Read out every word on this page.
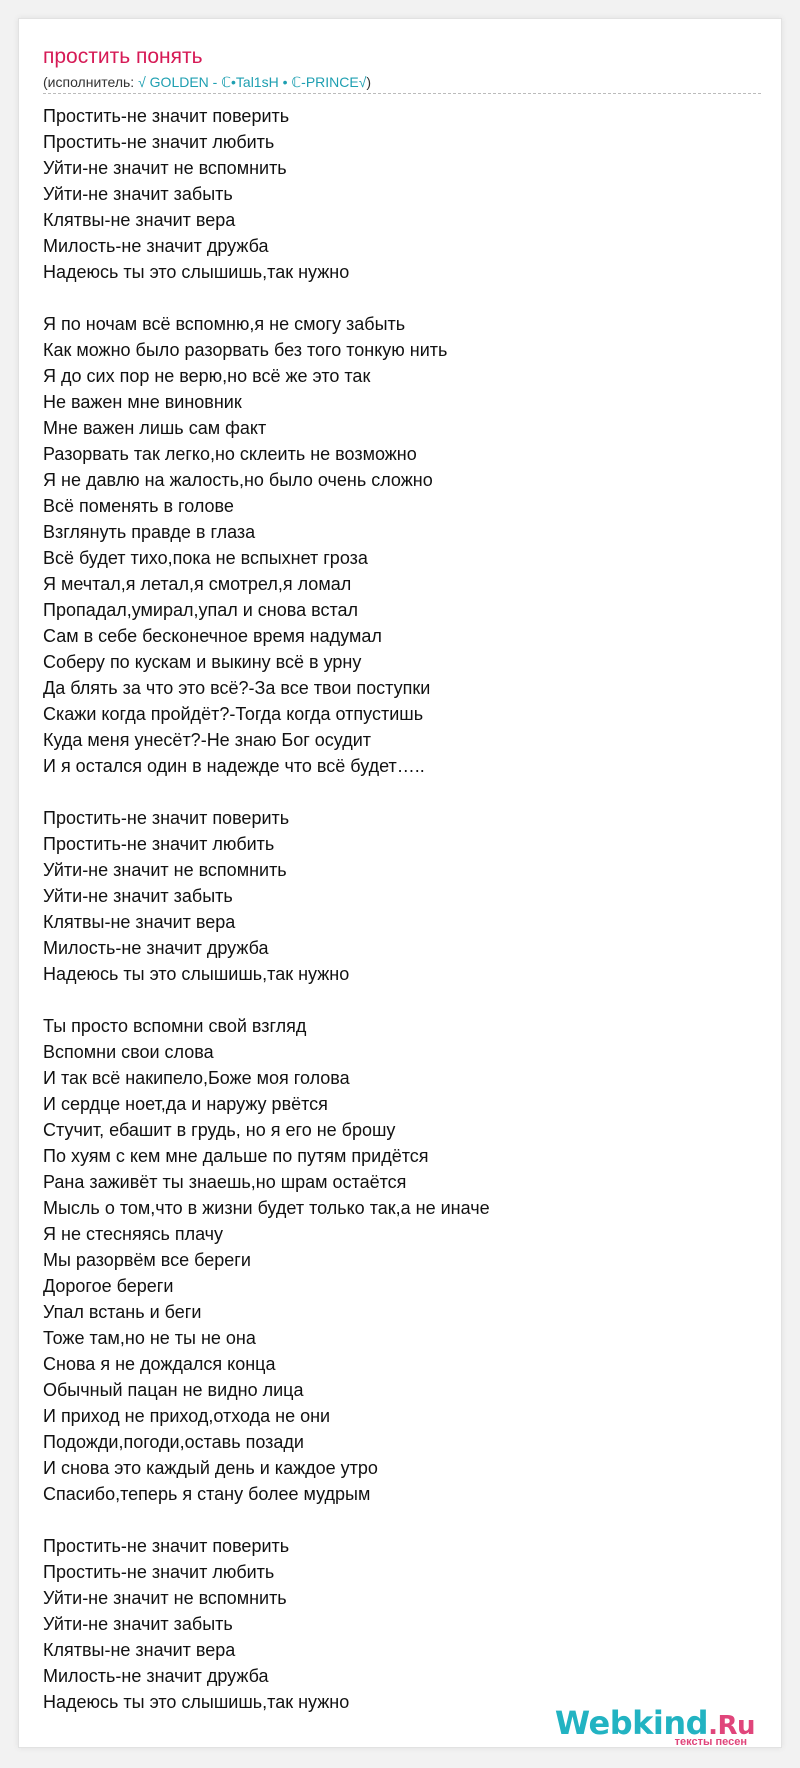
простить понять
(исполнитель: √ GOLDEN - ℂ•Tal1sH • ℂ-PRINCE√)
Простить-не значит поверить
Простить-не значит любить
Уйти-не значит не вспомнить
Уйти-не значит забыть
Клятвы-не значит вера
Милость-не значит дружба
Надеюсь ты это слышишь,так нужно
Я по ночам всё вспомню,я не смогу забыть
Как можно было разорвать без того тонкую нить
Я до сих пор не верю,но всё же это так
Не важен мне виновник
Мне важен лишь сам факт
Разорвать так легко,но склеить не возможно
Я не давлю на жалость,но было очень сложно
Всё поменять в голове
Взглянуть правде в глаза
Всё будет тихо,пока не вспыхнет гроза
Я мечтал,я летал,я смотрел,я ломал
Пропадал,умирал,упал и снова встал
Сам в себе бесконечное время надумал
Соберу по кускам и выкину всё в урну
Да блять за что это всё?-За все твои поступки
Скажи когда пройдёт?-Тогда когда отпустишь
Куда меня унесёт?-Не знаю Бог осудит
И я остался один в надежде что всё будет…..
Простить-не значит поверить
Простить-не значит любить
Уйти-не значит не вспомнить
Уйти-не значит забыть
Клятвы-не значит вера
Милость-не значит дружба
Надеюсь ты это слышишь,так нужно
Ты просто вспомни свой взгляд
Вспомни свои слова
И так всё накипело,Боже моя голова
И сердце ноет,да и наружу рвётся
Стучит, ебашит в грудь, но я его не брошу
По хуям с кем мне дальше по путям придётся
Рана заживёт ты знаешь,но шрам остаётся
Мысль о том,что в жизни будет только так,а не иначе
Я не стесняясь плачу
Мы разорвём все береги
Дорогое береги
Упал встань и беги
Тоже там,но не ты не она
Снова я не дождался конца
Обычный пацан не видно лица
И приход не приход,отхода не они
Подожди,погоди,оставь позади
И снова это каждый день и каждое утро
Спасибо,теперь я стану более мудрым
Простить-не значит поверить
Простить-не значит любить
Уйти-не значит не вспомнить
Уйти-не значит забыть
Клятвы-не значит вера
Милость-не значит дружба
Надеюсь ты это слышишь,так нужно
Webkind.Ru
тексты песен
